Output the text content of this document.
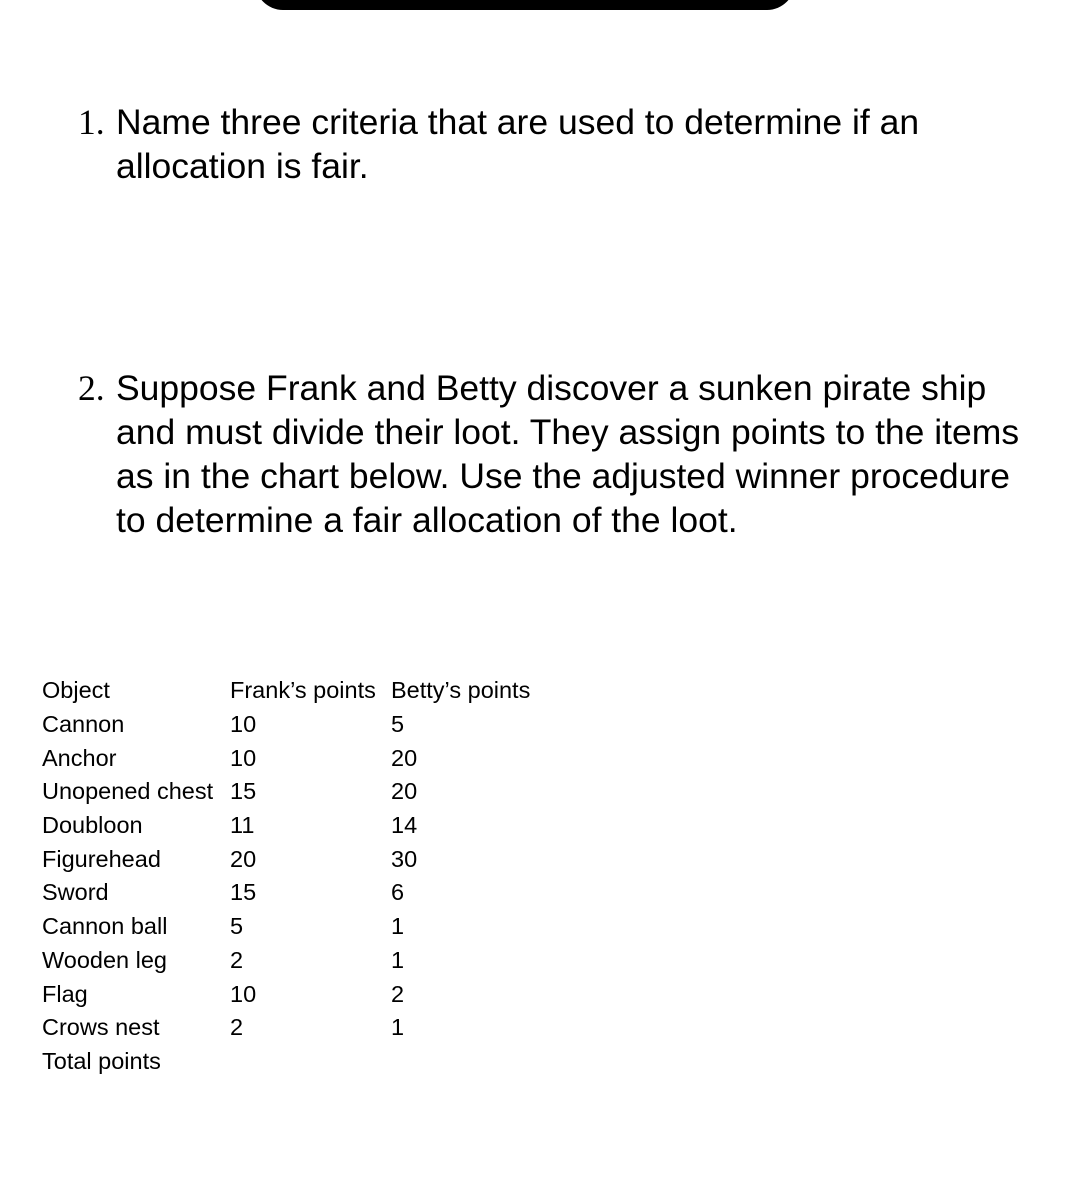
1. Name three criteria that are used to determine if an allocation is fair.
2. Suppose Frank and Betty discover a sunken pirate ship and must divide their loot. They assign points to the items as in the chart below. Use the adjusted winner procedure to determine a fair allocation of the loot.
Object	Frank’s points	Betty’s points
Cannon	10	5
Anchor	10	20
Unopened chest	15	20
Doubloon	11	14
Figurehead	20	30
Sword	15	6
Cannon ball	5	1
Wooden leg	2	1
Flag	10	2
Crows nest	2	1
Total points		
